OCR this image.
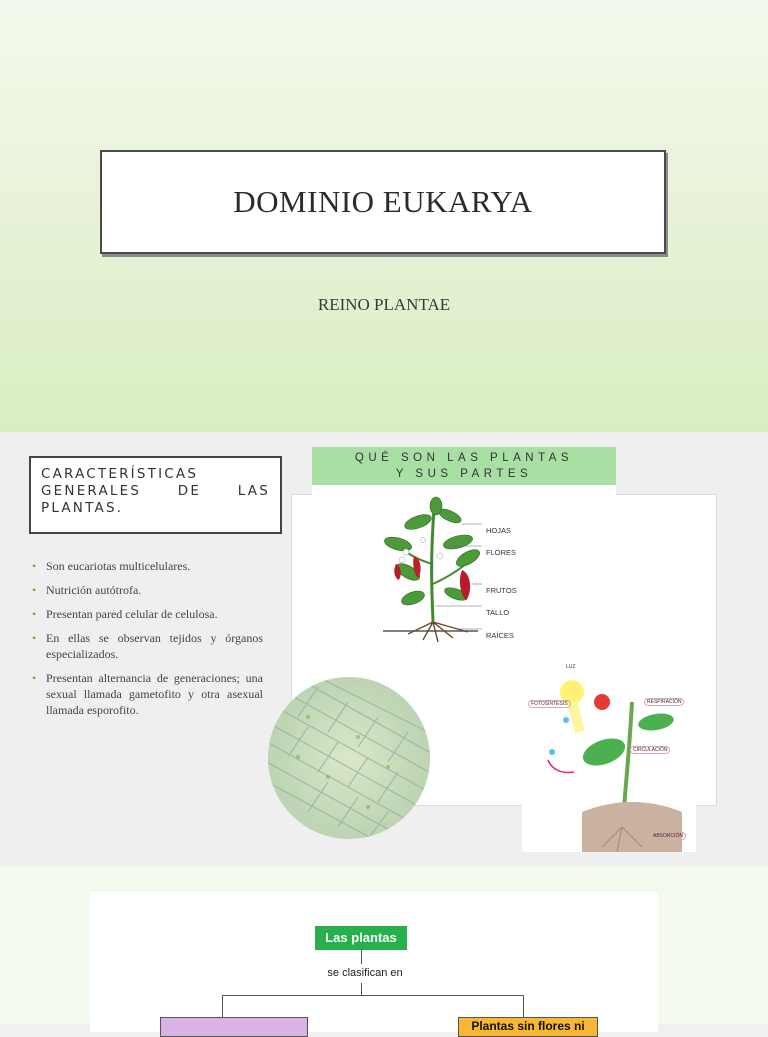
DOMINIO EUKARYA
REINO PLANTAE
CARACTERÍSTICAS GENERALES DE LAS PLANTAS.
• Son eucariotas multicelulares.
• Nutrición autótrofa.
• Presentan pared celular de celulosa.
• En ellas se observan tejidos y órganos especializados.
• Presentan alternancia de generaciones; una sexual llamada gametofito y otra asexual llamada esporofito.
QUÉ SON LAS PLANTAS
Y SUS PARTES
HOJAS
FLORES
FRUTOS
TALLO
RAÍCES
LUZ
FOTOSÍNTESIS	RESPIRACIÓN
CIRCULACIÓN
ABSORCIÓN
Las plantas
se clasifican en
Plantas sin flores ni
